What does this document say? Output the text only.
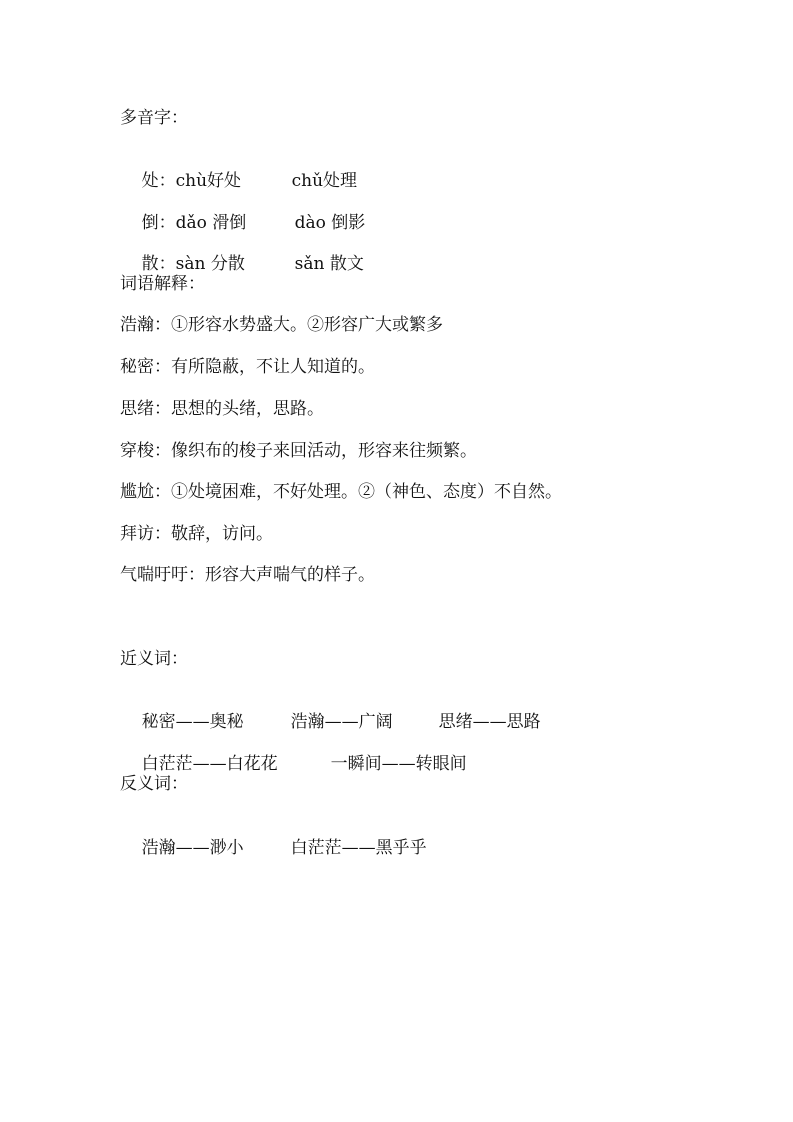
多音字：

处：chù好处	chǔ处理

倒：dǎo 滑倒	dào 倒影

散：sàn 分散	sǎn 散文

词语解释：
浩瀚：①形容水势盛大。②形容广大或繁多
秘密：有所隐蔽，不让人知道的。
思绪：思想的头绪，思路。
穿梭：像织布的梭子来回活动，形容来往频繁。
尴尬：①处境困难，不好处理。②（神色、态度）不自然。
拜访：敬辞，访问。
气喘吁吁：形容大声喘气的样子。
近义词：

秘密——奥秘	浩瀚——广阔	思绪——思路

白茫茫——白花花	一瞬间——转眼间

反义词：

浩瀚——渺小	白茫茫——黑乎乎
